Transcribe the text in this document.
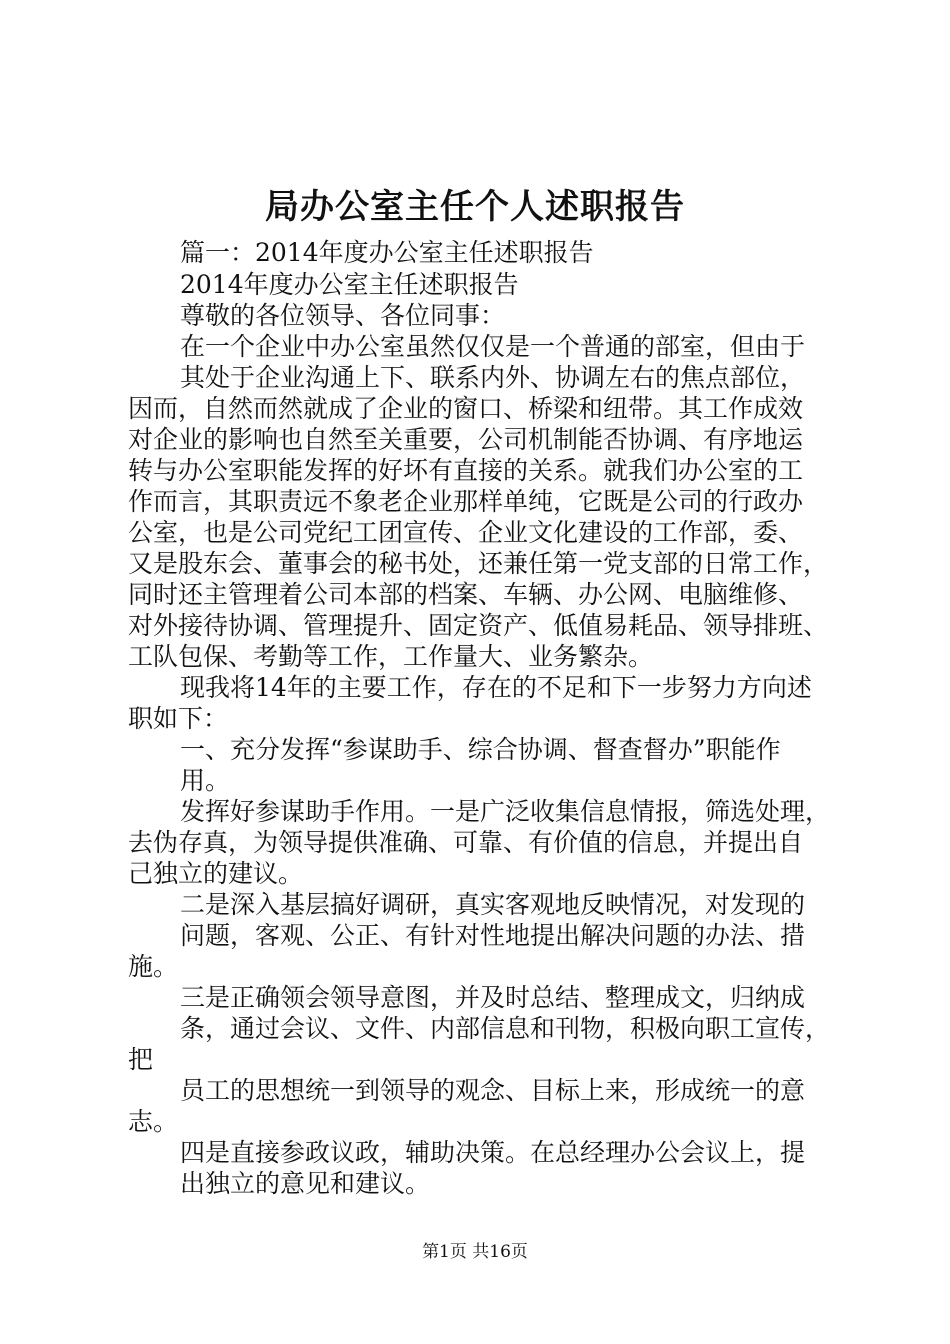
局办公室主任个人述职报告

篇一：2014年度办公室主任述职报告

2014年度办公室主任述职报告

尊敬的各位领导、各位同事：

在一个企业中办公室虽然仅仅是一个普通的部室，但由于

其处于企业沟通上下、联系内外、协调左右的焦点部位，

因而，自然而然就成了企业的窗口、桥梁和纽带。其工作成效

对企业的影响也自然至关重要，公司机制能否协调、有序地运

转与办公室职能发挥的好坏有直接的关系。就我们办公室的工

作而言，其职责远不象老企业那样单纯，它既是公司的行政办

公室，也是公司党纪工团宣传、企业文化建设的工作部，委、

又是股东会、董事会的秘书处，还兼任第一党支部的日常工作，

同时还主管理着公司本部的档案、车辆、办公网、电脑维修、

对外接待协调、管理提升、固定资产、低值易耗品、领导排班、

工队包保、考勤等工作，工作量大、业务繁杂。

现我将14年的主要工作，存在的不足和下一步努力方向述

职如下：

一、充分发挥“参谋助手、综合协调、督查督办”职能作

用。

发挥好参谋助手作用。一是广泛收集信息情报，筛选处理，

去伪存真，为领导提供准确、可靠、有价值的信息，并提出自

己独立的建议。

二是深入基层搞好调研，真实客观地反映情况，对发现的

问题，客观、公正、有针对性地提出解决问题的办法、措

施。

三是正确领会领导意图，并及时总结、整理成文，归纳成

条，通过会议、文件、内部信息和刊物，积极向职工宣传，

把

员工的思想统一到领导的观念、目标上来，形成统一的意

志。

四是直接参政议政，辅助决策。在总经理办公会议上，提

出独立的意见和建议。

第1页 共16页
